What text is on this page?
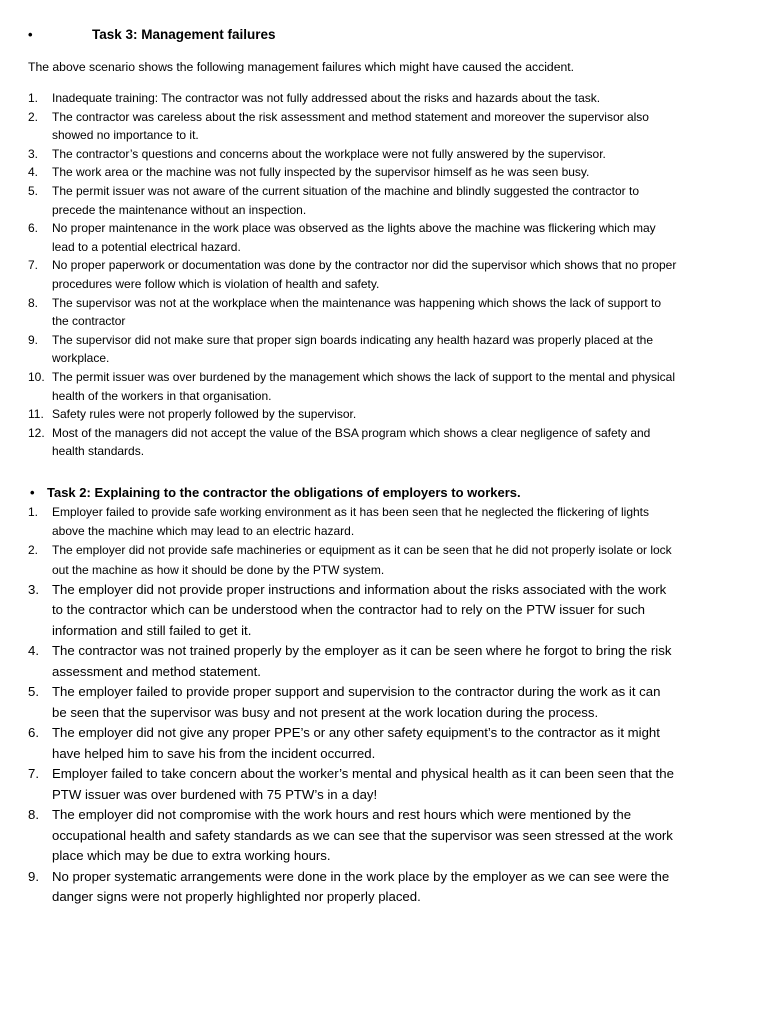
•	Task 3: Management failures
The above scenario shows the following management failures which might have caused the accident.
1. Inadequate training: The contractor was not fully addressed about the risks and hazards about the task.
2. The contractor was careless about the risk assessment and method statement and moreover the supervisor also showed no importance to it.
3. The contractor’s questions and concerns about the workplace were not fully answered by the supervisor.
4. The work area or the machine was not fully inspected by the supervisor himself as he was seen busy.
5. The permit issuer was not aware of the current situation of the machine and blindly suggested the contractor to precede the maintenance without an inspection.
6. No proper maintenance in the work place was observed as the lights above the machine was flickering which may lead to a potential electrical hazard.
7. No proper paperwork or documentation was done by the contractor nor did the supervisor which shows that no proper procedures were follow which is violation of health and safety.
8. The supervisor was not at the workplace when the maintenance was happening which shows the lack of support to the contractor
9. The supervisor did not make sure that proper sign boards indicating any health hazard was properly placed at the workplace.
10. The permit issuer was over burdened by the management which shows the lack of support to the mental and physical health of the workers in that organisation.
11. Safety rules were not properly followed by the supervisor.
12. Most of the managers did not accept the value of the BSA program which shows a clear negligence of safety and health standards.
• Task 2: Explaining to the contractor the obligations of employers to workers.
1. Employer failed to provide safe working environment as it has been seen that he neglected the flickering of lights above the machine which may lead to an electric hazard.
2. The employer did not provide safe machineries or equipment as it can be seen that he did not properly isolate or lock out the machine as how it should be done by the PTW system.
3. The employer did not provide proper instructions and information about the risks associated with the work to the contractor which can be understood when the contractor had to rely on the PTW issuer for such information and still failed to get it.
4. The contractor was not trained properly by the employer as it can be seen where he forgot to bring the risk assessment and method statement.
5. The employer failed to provide proper support and supervision to the contractor during the work as it can be seen that the supervisor was busy and not present at the work location during the process.
6. The employer did not give any proper PPE’s or any other safety equipment’s to the contractor as it might have helped him to save his from the incident occurred.
7. Employer failed to take concern about the worker’s mental and physical health as it can been seen that the PTW issuer was over burdened with 75 PTW’s in a day!
8. The employer did not compromise with the work hours and rest hours which were mentioned by the occupational health and safety standards as we can see that the supervisor was seen stressed at the work place which may be due to extra working hours.
9. No proper systematic arrangements were done in the work place by the employer as we can see were the danger signs were not properly highlighted nor properly placed.
